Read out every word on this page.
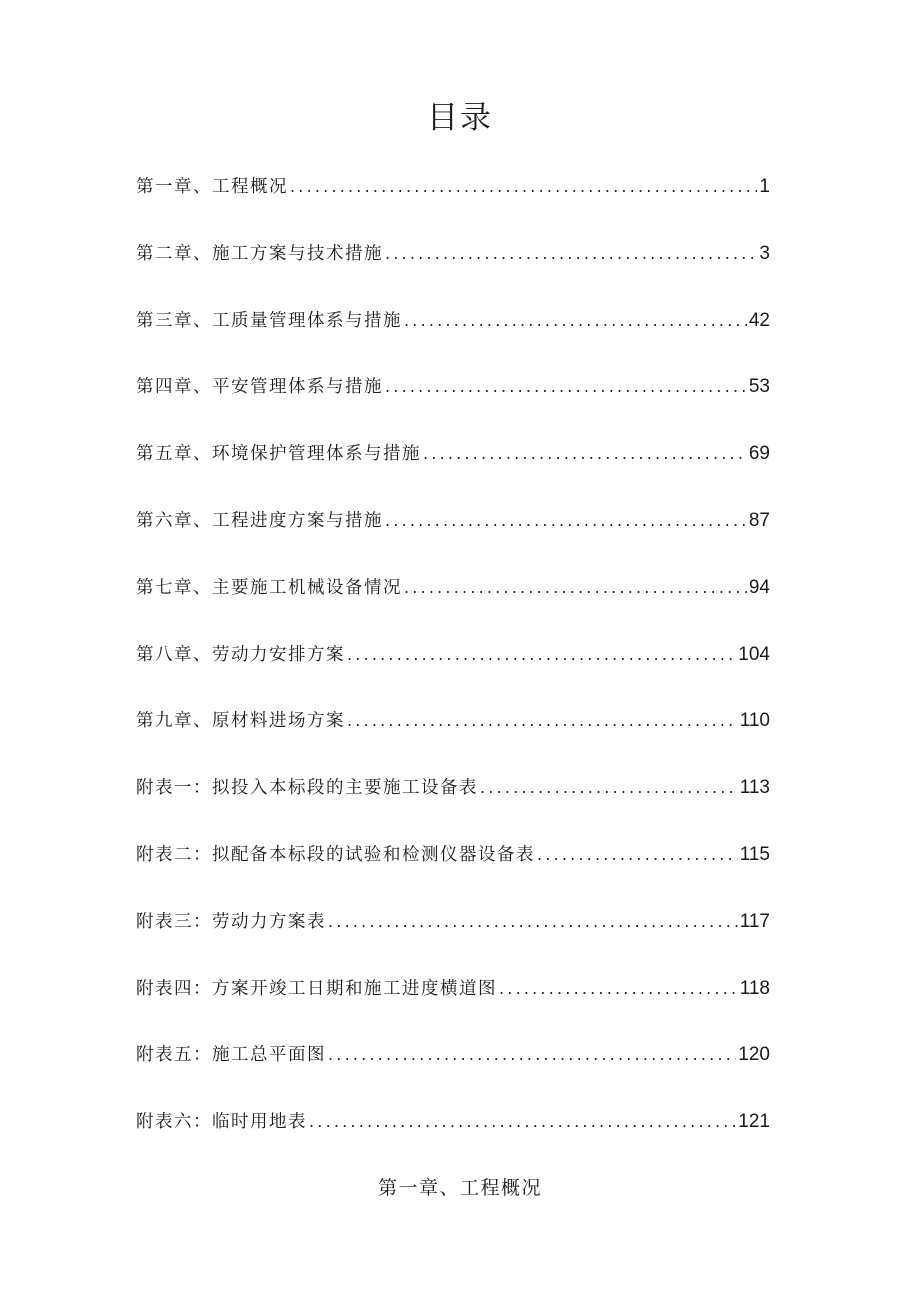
目录
第一章、工程概况 .....	1
第二章、施工方案与技术措施 .....	3
第三章、工质量管理体系与措施 .....	42
第四章、平安管理体系与措施 .....	53
第五章、环境保护管理体系与措施 .....	69
第六章、工程进度方案与措施 .....	87
第七章、主要施工机械设备情况 .....	94
第八章、劳动力安排方案 .....	104
第九章、原材料进场方案 .....	110
附表一：拟投入本标段的主要施工设备表 .....	113
附表二：拟配备本标段的试验和检测仪器设备表 .....	115
附表三：劳动力方案表 .....	117
附表四：方案开竣工日期和施工进度横道图 .....	118
附表五：施工总平面图 .....	120
附表六：临时用地表 .....	121
第一章、工程概况
